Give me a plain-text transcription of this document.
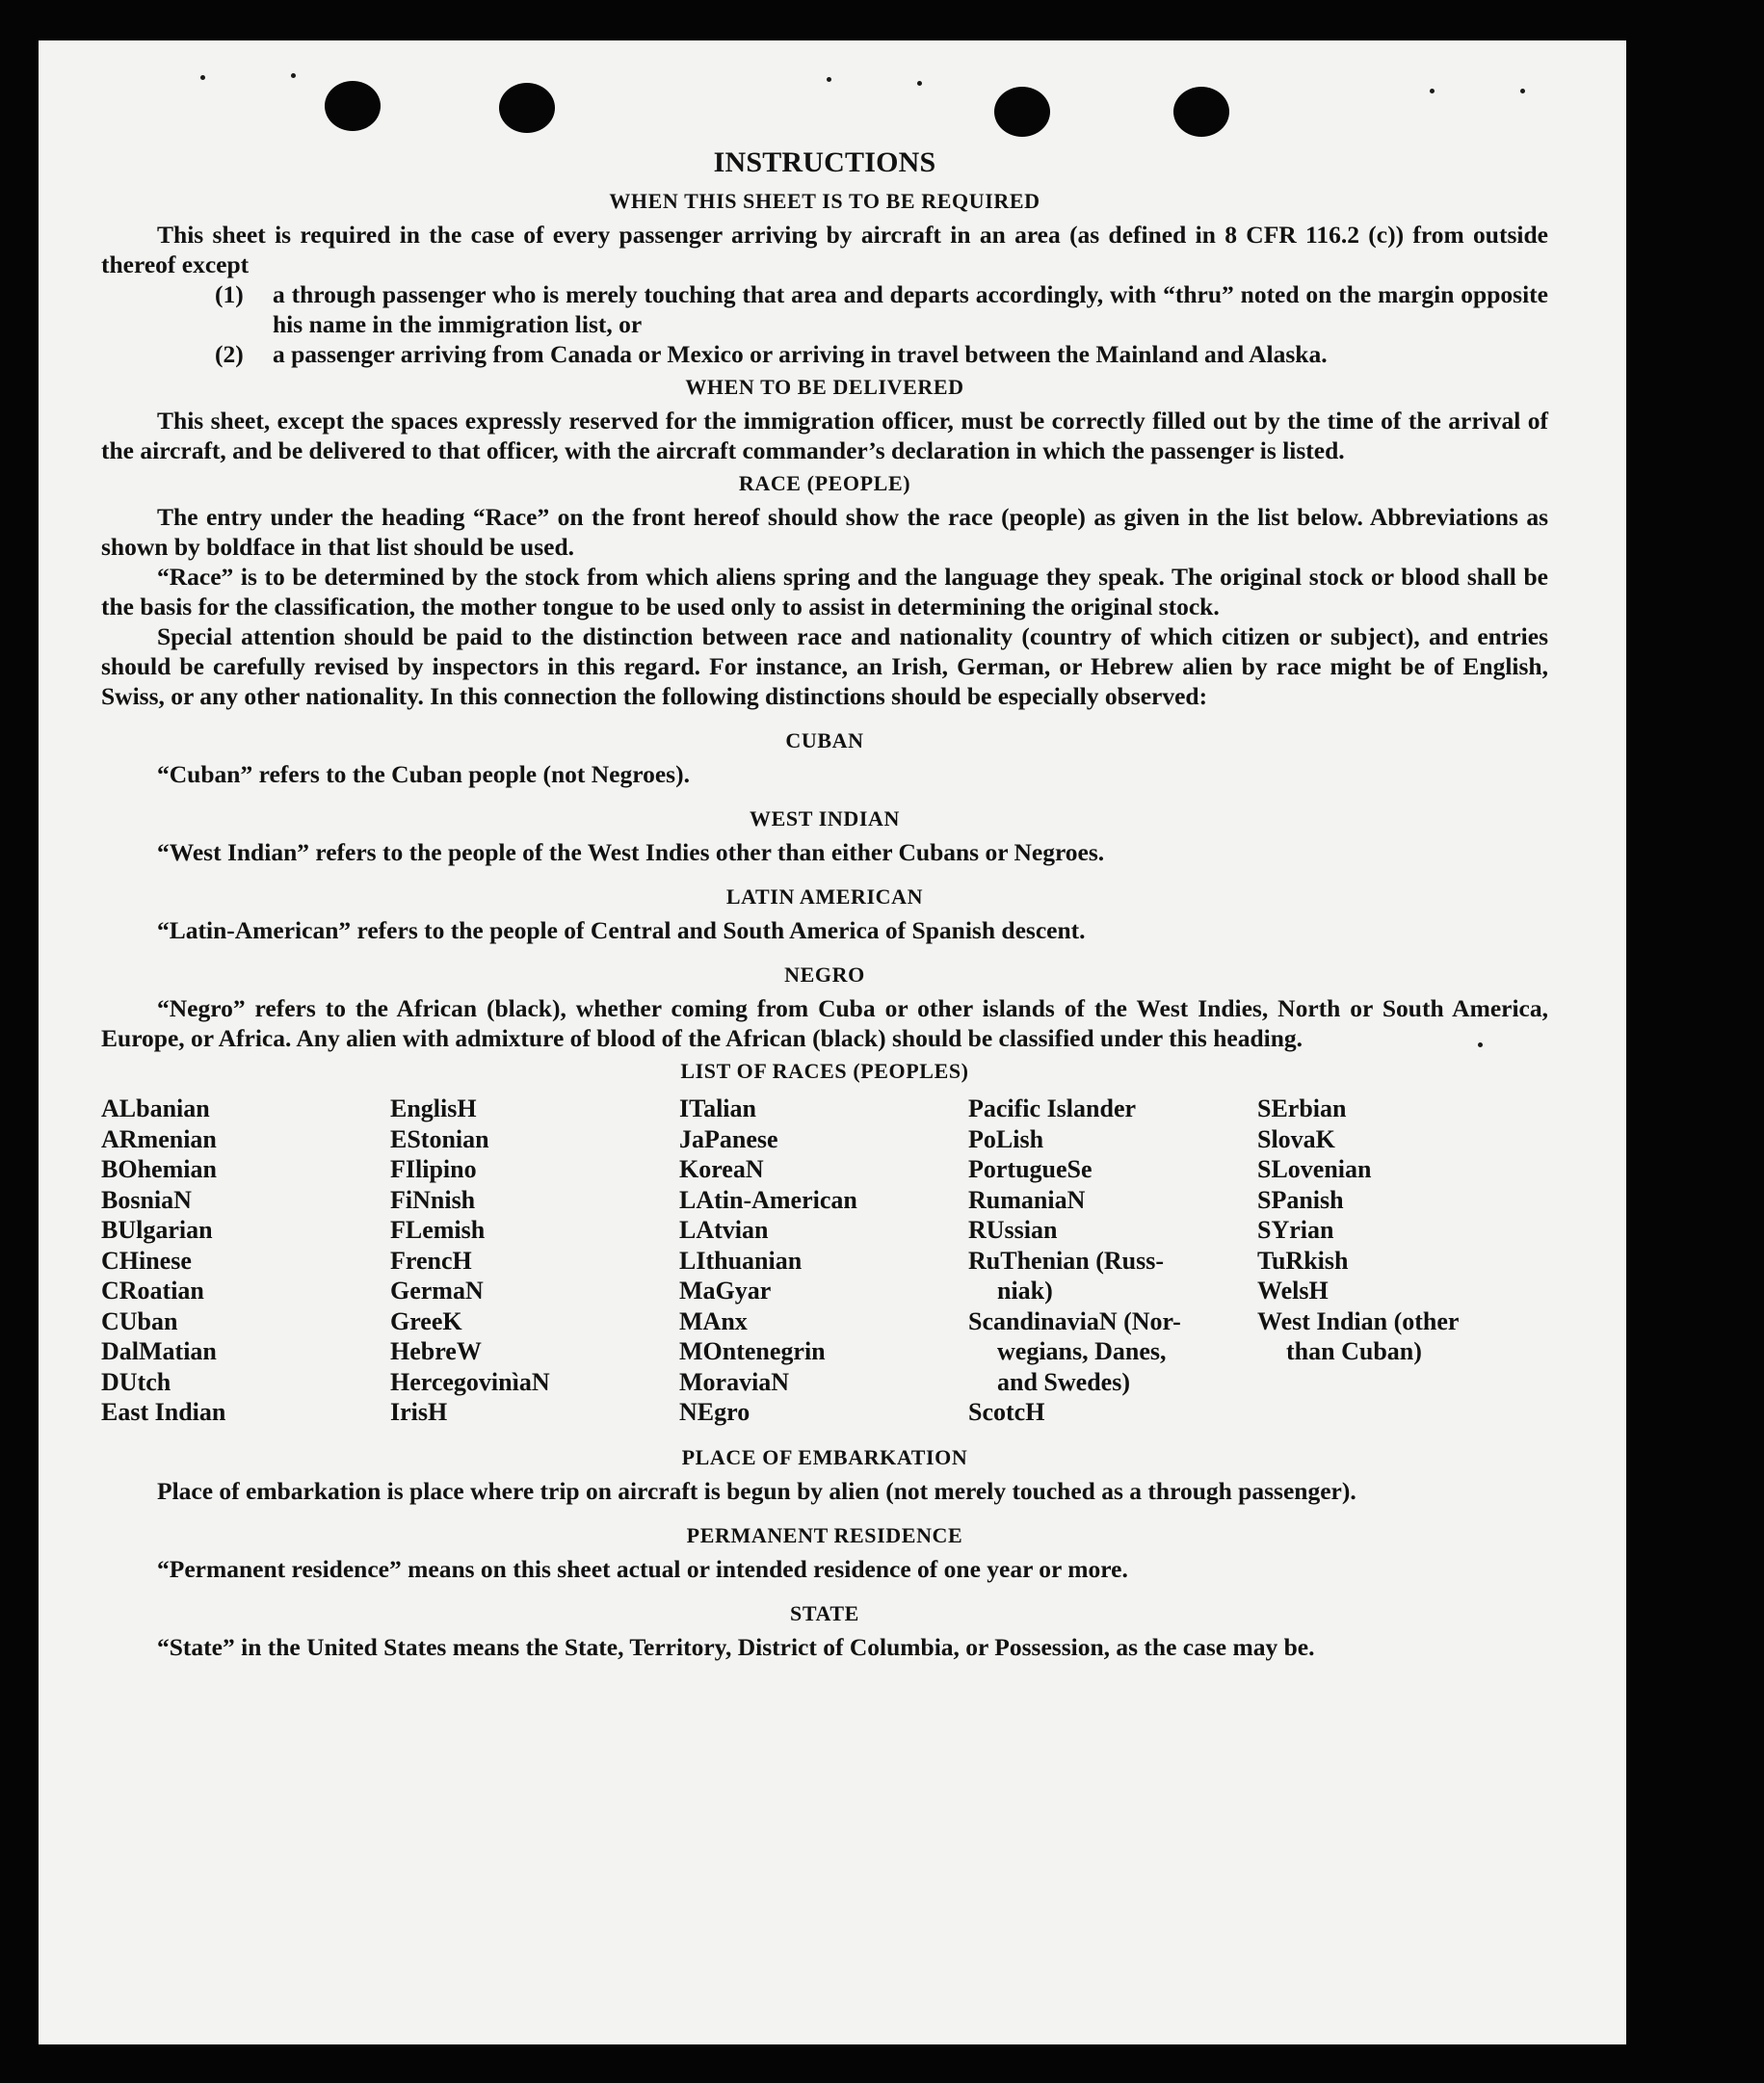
INSTRUCTIONS
WHEN THIS SHEET IS TO BE REQUIRED

This sheet is required in the case of every passenger arriving by aircraft in an area (as defined in 8 CFR 116.2 (c)) from outside thereof except

(1)	a through passenger who is merely touching that area and departs accordingly, with “thru” noted on the margin opposite his name in the immigration list, or

(2)	a passenger arriving from Canada or Mexico or arriving in travel between the Mainland and Alaska.

WHEN TO BE DELIVERED

This sheet, except the spaces expressly reserved for the immigration officer, must be correctly filled out by the time of the arrival of the aircraft, and be delivered to that officer, with the aircraft commander’s declaration in which the passenger is listed.

RACE (PEOPLE)

The entry under the heading “Race” on the front hereof should show the race (people) as given in the list below. Abbreviations as shown by boldface in that list should be used.

“Race” is to be determined by the stock from which aliens spring and the language they speak. The original stock or blood shall be the basis for the classification, the mother tongue to be used only to assist in determining the original stock.

Special attention should be paid to the distinction between race and nationality (country of which citizen or subject), and entries should be carefully revised by inspectors in this regard. For instance, an Irish, German, or Hebrew alien by race might be of English, Swiss, or any other nationality. In this connection the following distinctions should be especially observed:

CUBAN

“Cuban” refers to the Cuban people (not Negroes).

WEST INDIAN

“West Indian” refers to the people of the West Indies other than either Cubans or Negroes.

LATIN AMERICAN

“Latin-American” refers to the people of Central and South America of Spanish descent.

NEGRO

“Negro” refers to the African (black), whether coming from Cuba or other islands of the West Indies, North or South America, Europe, or Africa. Any alien with admixture of blood of the African (black) should be classified under this heading.

LIST OF RACES (PEOPLES)
ALbanian
ARmenian
BOhemian
BosniaN
BUlgarian
CHinese
CRoatian
CUban
DalMatian
DUtch
East Indian
EnglisH
EStonian
FIlipino
FiNnish
FLemish
FrencH
GermaN
GreeK
HebreW
HercegovinìaN
IrisH
ITalian
JaPanese
KoreaN
LAtin-American
LAtvian
LIthuanian
MaGyar
MAnx
MOntenegrin
MoraviaN
NEgro
Pacific Islander
PoLish
PortugueSe
RumaniaN
RUssian
RuThenian (Russ-
niak)
ScandinaviaN (Nor-
wegians, Danes,
and Swedes)
ScotcH
SErbian
SlovaK
SLovenian
SPanish
SYrian
TuRkish
WelsH
West Indian (other
than Cuban)
PLACE OF EMBARKATION

Place of embarkation is place where trip on aircraft is begun by alien (not merely touched as a through passenger).

PERMANENT RESIDENCE

“Permanent residence” means on this sheet actual or intended residence of one year or more.

STATE

“State” in the United States means the State, Territory, District of Columbia, or Possession, as the case may be.
